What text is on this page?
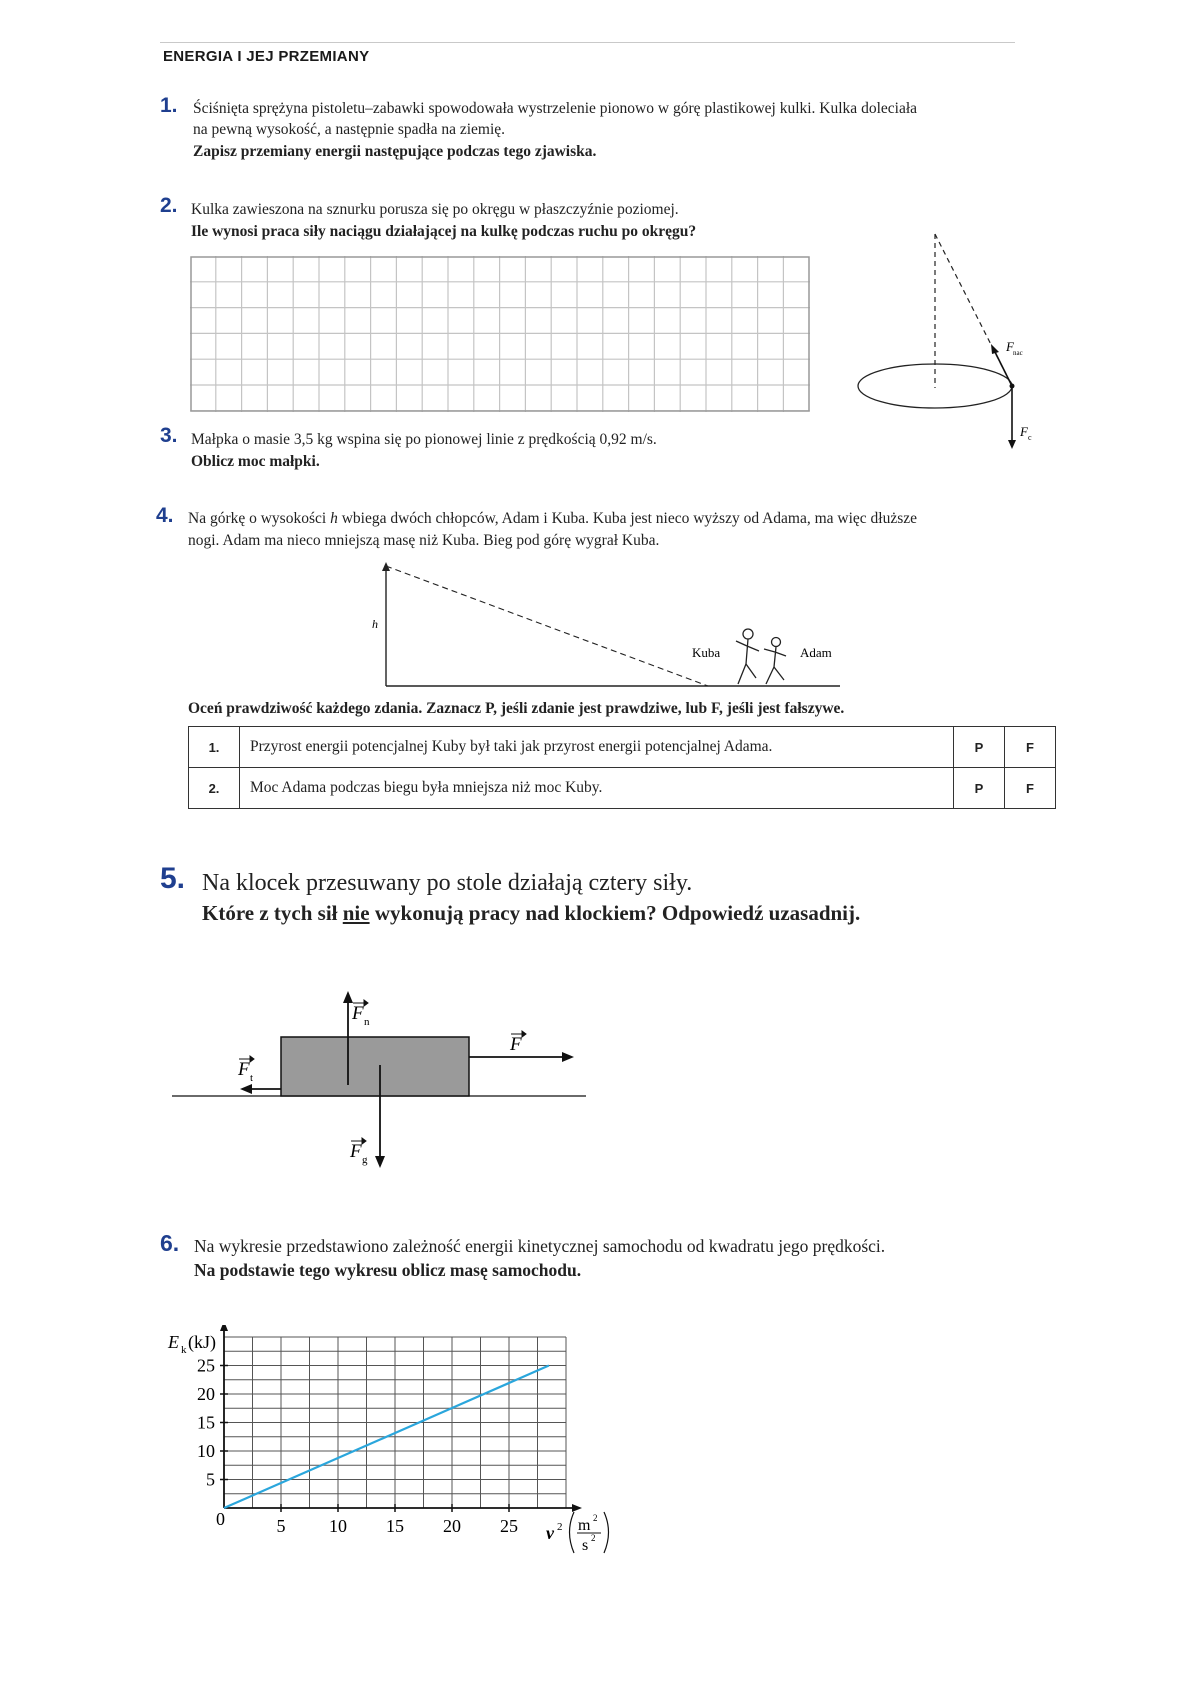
ENERGIA I JEJ PRZEMIANY
1. Ściśnięta sprężyna pistoletu–zabawki spowodowała wystrzelenie pionowo w górę plastikowej kulki. Kulka doleciała
na pewną wysokość, a następnie spadła na ziemię.
Zapisz przemiany energii następujące podczas tego zjawiska.
2. Kulka zawieszona na sznurku porusza się po okręgu w płaszczyźnie poziomej.
Ile wynosi praca siły naciągu działającej na kulkę podczas ruchu po okręgu?
F nac
F c
3. Małpka o masie 3,5 kg wspina się po pionowej linie z prędkością 0,92 m/s.
Oblicz moc małpki.
4. Na górkę o wysokości h wbiega dwóch chłopców, Adam i Kuba. Kuba jest nieco wyższy od Adama, ma więc dłuższe
nogi. Adam ma nieco mniejszą masę niż Kuba. Bieg pod górę wygrał Kuba.
h
Kuba	Adam
Oceń prawdziwość każdego zdania. Zaznacz P, jeśli zdanie jest prawdziwe, lub F, jeśli jest fałszywe.
1.	Przyrost energii potencjalnej Kuby był taki jak przyrost energii potencjalnej Adama.	P	F
2.	Moc Adama podczas biegu była mniejsza niż moc Kuby.	P	F
5. Na klocek przesuwany po stole działają cztery siły.
Które z tych sił nie wykonują pracy nad klockiem? Odpowiedź uzasadnij.
F
F
F
F
n
t
g
6. Na wykresie przedstawiono zależność energii kinetycznej samochodu od kwadratu jego prędkości.
Na podstawie tego wykresu oblicz masę samochodu.
5 10 15 20 25
5
10
15
20
25
0
E k (kJ)
v 2 m 2
s 2
